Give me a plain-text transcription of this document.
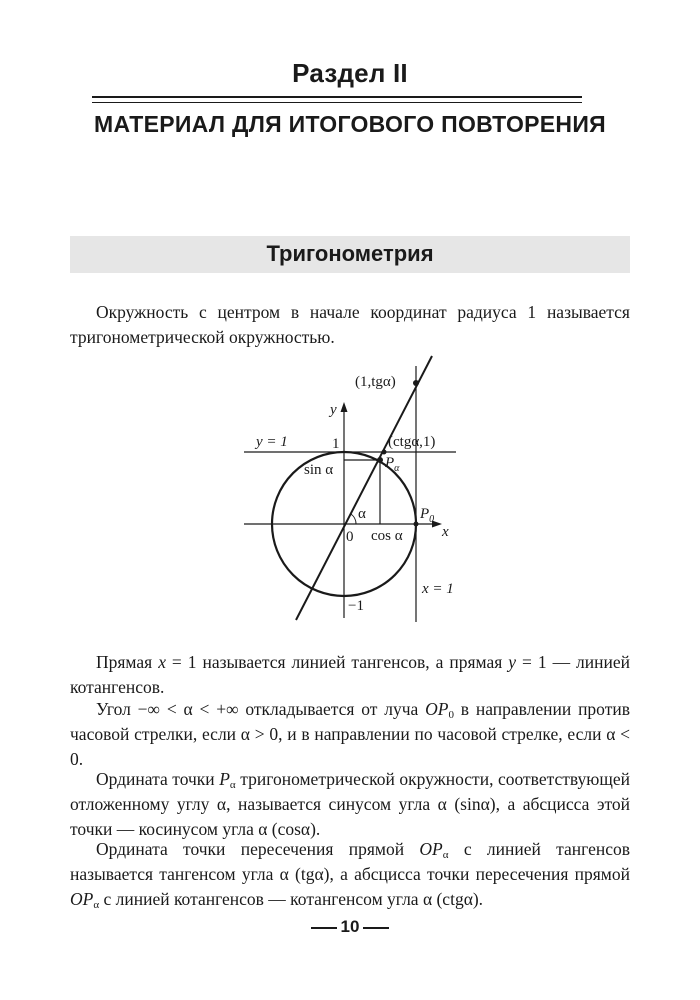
Раздел II
МАТЕРИАЛ ДЛЯ ИТОГОВОГО ПОВТОРЕНИЯ
Тригонометрия
Окружность с центром в начале координат радиуса 1 называется тригонометрической окружностью.
(1,tgα)
y
y = 1	1	(ctgα,1)
sin α	$P_\alpha$
α	$P_0$
x
0 cos α
x = 1
−1
Прямая x = 1 называется линией тангенсов, а прямая y = 1 — линией котангенсов.
Угол −∞ < α < +∞ откладывается от луча $OP_0$ в направлении против часовой стрелки, если α > 0, и в направлении по часовой стрелке, если α < 0.
Ордината точки $P_\alpha$ тригонометрической окружности, соответствующей отложенному углу α, называется синусом угла α (sinα), а абсцисса этой точки — косинусом угла α (cosα).
Ордината точки пересечения прямой $OP_\alpha$ с линией тангенсов называется тангенсом угла α (tgα), а абсцисса точки пересечения прямой $OP_\alpha$ с линией котангенсов — котангенсом угла α (ctgα).
10
